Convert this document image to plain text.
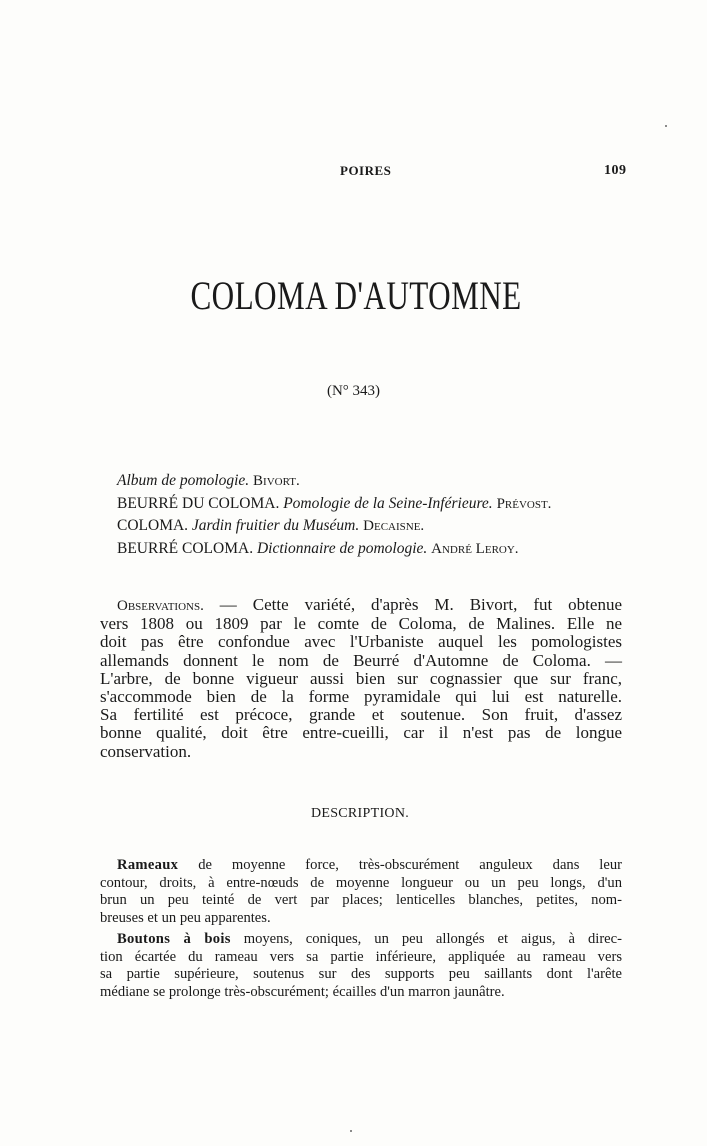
POIRES	109
COLOMA D'AUTOMNE
(N° 343)
Album de pomologie. Bivort.
BEURRÉ DU COLOMA. Pomologie de la Seine-Inférieure. Prévost.
COLOMA. Jardin fruitier du Muséum. Decaisne.
BEURRÉ COLOMA. Dictionnaire de pomologie. André Leroy.
Observations. — Cette variété, d'après M. Bivort, fut obtenue
vers 1808 ou 1809 par le comte de Coloma, de Malines. Elle ne
doit pas être confondue avec l'Urbaniste auquel les pomologistes
allemands donnent le nom de Beurré d'Automne de Coloma. —
L'arbre, de bonne vigueur aussi bien sur cognassier que sur franc,
s'accommode bien de la forme pyramidale qui lui est naturelle.
Sa fertilité est précoce, grande et soutenue. Son fruit, d'assez
bonne qualité, doit être entre-cueilli, car il n'est pas de longue
conservation.
DESCRIPTION.
Rameaux de moyenne force, très-obscurément anguleux dans leur
contour, droits, à entre-nœuds de moyenne longueur ou un peu longs, d'un
brun un peu teinté de vert par places; lenticelles blanches, petites, nom-
breuses et un peu apparentes.
Boutons à bois moyens, coniques, un peu allongés et aigus, à direc-
tion écartée du rameau vers sa partie inférieure, appliquée au rameau vers
sa partie supérieure, soutenus sur des supports peu saillants dont l'arête
médiane se prolonge très-obscurément; écailles d'un marron jaunâtre.
